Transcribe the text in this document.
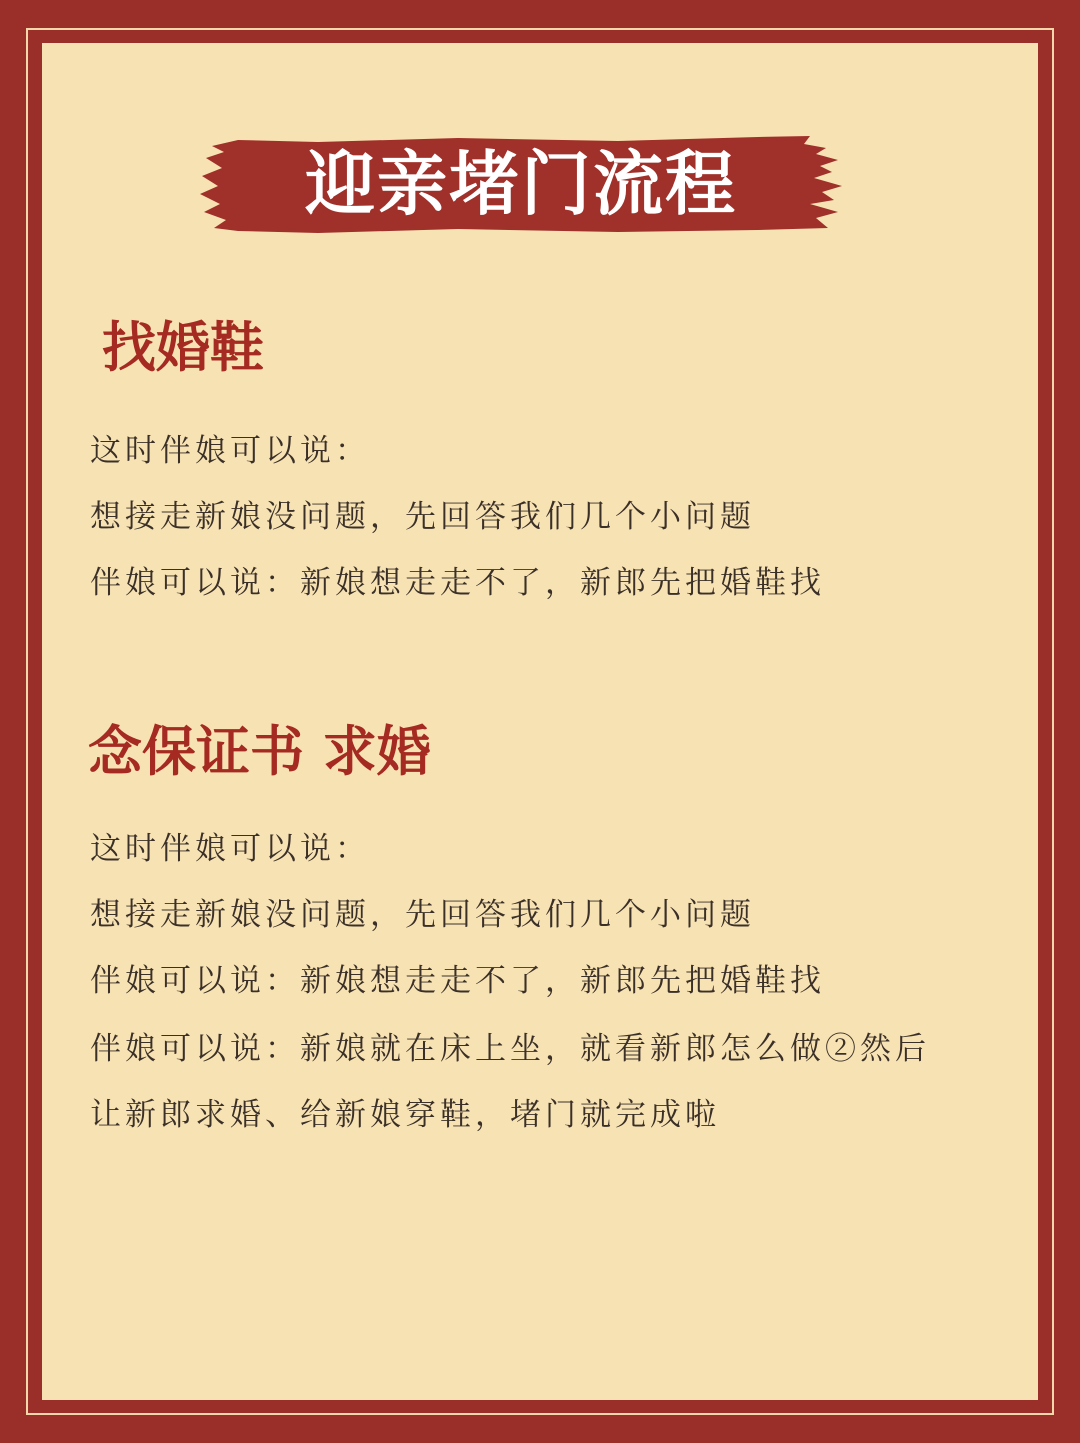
迎亲堵门流程
找婚鞋
这时伴娘可以说：
想接走新娘没问题，先回答我们几个小问题
伴娘可以说：新娘想走走不了，新郎先把婚鞋找
念保证书 求婚
这时伴娘可以说：
想接走新娘没问题，先回答我们几个小问题
伴娘可以说：新娘想走走不了，新郎先把婚鞋找
伴娘可以说：新娘就在床上坐，就看新郎怎么做②然后
让新郎求婚、给新娘穿鞋，堵门就完成啦
